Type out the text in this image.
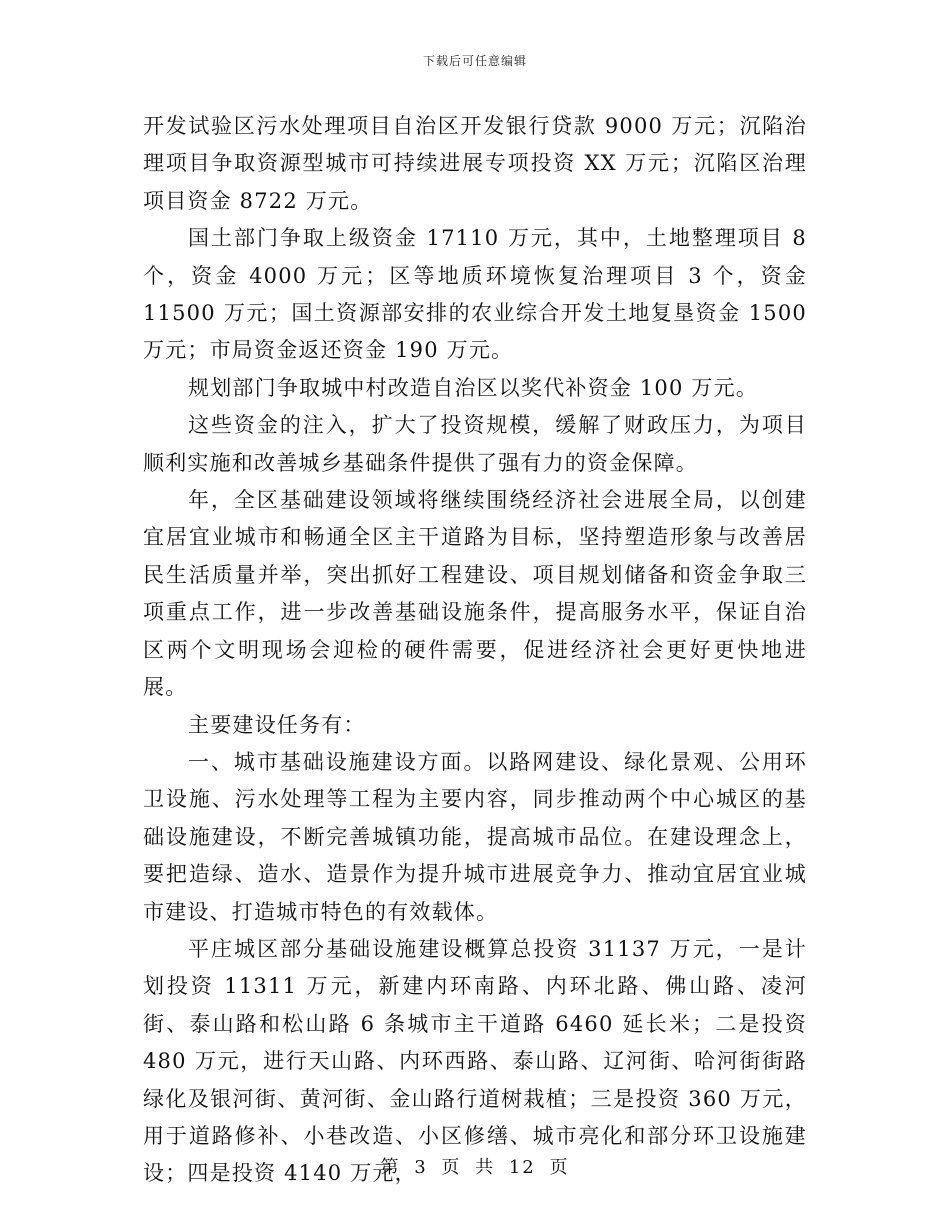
下载后可任意编辑

开发试验区污水处理项目自治区开发银行贷款 9000 万元；沉陷治理项目争取资源型城市可持续进展专项投资 XX 万元；沉陷区治理项目资金 8722 万元。

国土部门争取上级资金 17110 万元，其中，土地整理项目 8 个，资金 4000 万元；区等地质环境恢复治理项目 3 个，资金 11500 万元；国土资源部安排的农业综合开发土地复垦资金 1500 万元；市局资金返还资金 190 万元。

规划部门争取城中村改造自治区以奖代补资金 100 万元。

这些资金的注入，扩大了投资规模，缓解了财政压力，为项目顺利实施和改善城乡基础条件提供了强有力的资金保障。

年，全区基础建设领域将继续围绕经济社会进展全局，以创建宜居宜业城市和畅通全区主干道路为目标，坚持塑造形象与改善居民生活质量并举，突出抓好工程建设、项目规划储备和资金争取三项重点工作，进一步改善基础设施条件，提高服务水平，保证自治区两个文明现场会迎检的硬件需要，促进经济社会更好更快地进展。

主要建设任务有：

一、城市基础设施建设方面。以路网建设、绿化景观、公用环卫设施、污水处理等工程为主要内容，同步推动两个中心城区的基础设施建设，不断完善城镇功能，提高城市品位。在建设理念上，要把造绿、造水、造景作为提升城市进展竞争力、推动宜居宜业城市建设、打造城市特色的有效载体。

平庄城区部分基础设施建设概算总投资 31137 万元，一是计划投资 11311 万元，新建内环南路、内环北路、佛山路、凌河街、泰山路和松山路 6 条城市主干道路 6460 延长米；二是投资 480 万元，进行天山路、内环西路、泰山路、辽河街、哈河街街路绿化及银河街、黄河街、金山路行道树栽植；三是投资 360 万元，用于道路修补、小巷改造、小区修缮、城市亮化和部分环卫设施建设；四是投资 4140 万元，

第 3 页 共 12 页
